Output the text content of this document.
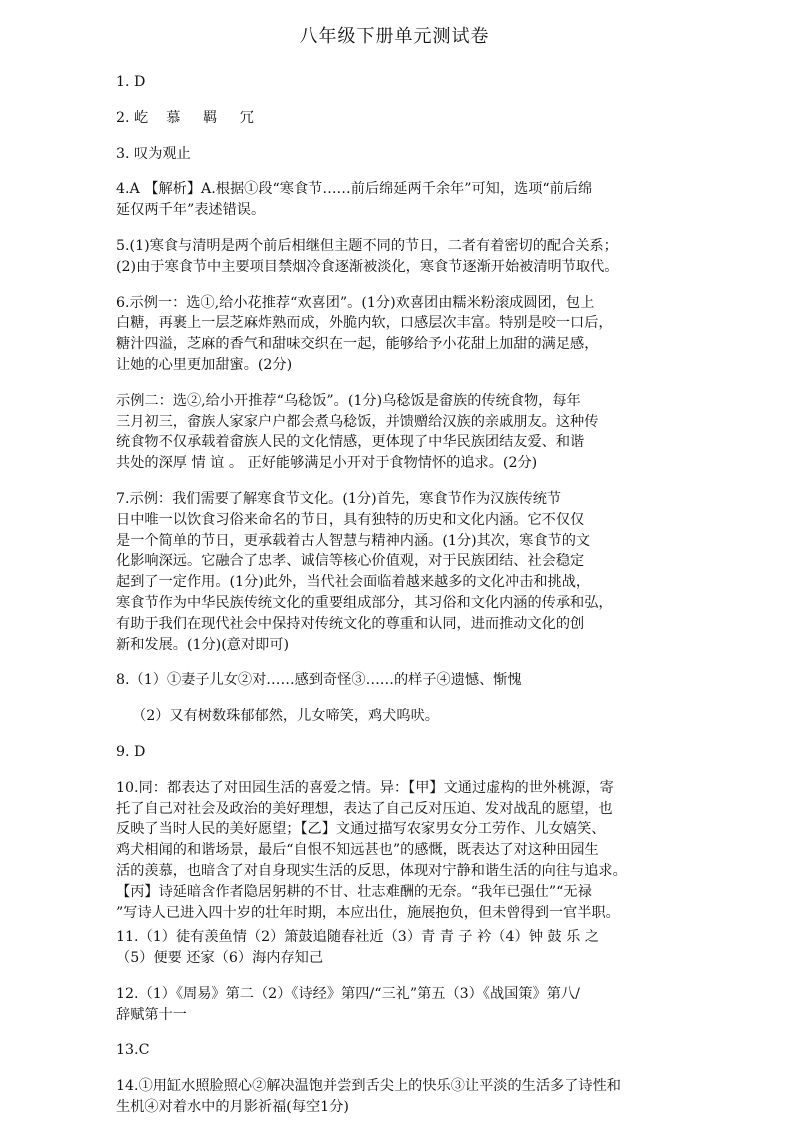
八年级下册单元测试卷
1. D
2. 屹    慕     羁     冗
3. 叹为观止
4.A 【解析】A.根据①段“寒食节……前后绵延两千余年”可知，选项“前后绵
延仅两千年”表述错误。
5.(1)寒食与清明是两个前后相继但主题不同的节日，二者有着密切的配合关系；
(2)由于寒食节中主要项目禁烟冷食逐渐被淡化，寒食节逐渐开始被清明节取代。
6.示例一：选①,给小花推荐“欢喜团”。(1分)欢喜团由糯米粉滚成圆团，包上
白糖，再裹上一层芝麻炸熟而成，外脆内软，口感层次丰富。特别是咬一口后，
糖汁四溢，芝麻的香气和甜味交织在一起，能够给予小花甜上加甜的满足感，
让她的心里更加甜蜜。(2分)
示例二：选②,给小开推荐“乌稔饭”。(1分)乌稔饭是畲族的传统食物，每年
三月初三，畲族人家家户户都会煮乌稔饭，并馈赠给汉族的亲戚朋友。这种传
统食物不仅承载着畲族人民的文化情感，更体现了中华民族团结友爱、和谐
共处的深厚 情 谊 。 正好能够满足小开对于食物情怀的追求。(2分)
7.示例：我们需要了解寒食节文化。(1分)首先，寒食节作为汉族传统节
日中唯一以饮食习俗来命名的节日，具有独特的历史和文化内涵。它不仅仅
是一个简单的节日，更承载着古人智慧与精神内涵。(1分)其次，寒食节的文
化影响深远。它融合了忠孝、诚信等核心价值观，对于民族团结、社会稳定
起到了一定作用。(1分)此外，当代社会面临着越来越多的文化冲击和挑战，
寒食节作为中华民族传统文化的重要组成部分，其习俗和文化内涵的传承和弘，
有助于我们在现代社会中保持对传统文化的尊重和认同，进而推动文化的创
新和发展。(1分)(意对即可)
8.（1）①妻子儿女②对……感到奇怪③……的样子④遗憾、惭愧
（2）又有树数珠郁郁然，儿女啼笑，鸡犬呜吠。
9. D
10.同：都表达了对田园生活的喜爱之情。异：【甲】文通过虚构的世外桃源，寄
托了自己对社会及政治的美好理想，表达了自己反对压迫、发对战乱的愿望，也
反映了当时人民的美好愿望；【乙】文通过描写农家男女分工劳作、儿女嬉笑、
鸡犬相闻的和谐场景，最后“自恨不知远甚也”的感慨，既表达了对这种田园生
活的羡慕，也暗含了对自身现实生活的反思，体现对宁静和谐生活的向往与追求。
【丙】诗延暗含作者隐居躬耕的不甘、壮志难酬的无奈。“我年已强仕”“无禄
”写诗人已进入四十岁的壮年时期，本应出仕，施展抱负，但未曾得到一官半职。
11.（1）徒有羡鱼情（2）箫鼓追随春社近（3）青 青 子 衿（4）钟 鼓 乐 之
（5）便要 还家（6）海内存知己
12.（1）《周易》第二（2）《诗经》第四/“三礼”第五（3）《战国策》第八/
辞赋第十一
13.C
14.①用缸水照脸照心②解决温饱并尝到舌尖上的快乐③让平淡的生活多了诗性和
生机④对着水中的月影祈福(每空1分)
